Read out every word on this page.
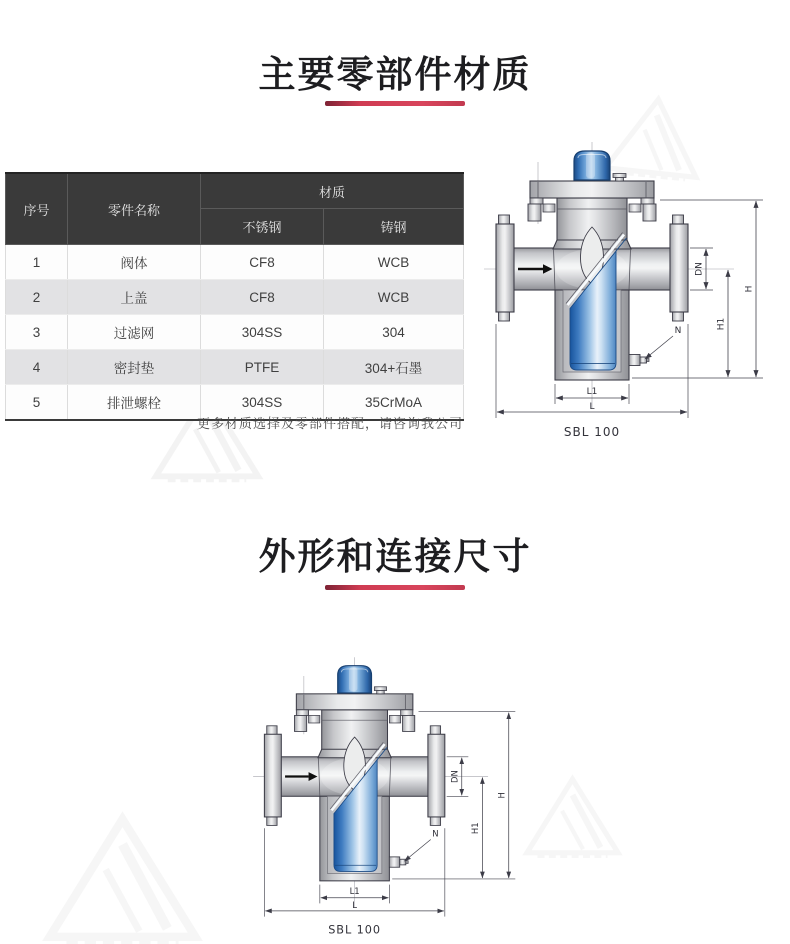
主要零部件材质
序号	零件名称	材质	
		不锈钢	铸钢
1	阀体	CF8	WCB
2	上盖	CF8	WCB
3	过滤网	304SS	304
4	密封垫	PTFE	304+石墨
5	排泄螺栓	304SS	35CrMoA
更多材质选择及零部件搭配，请咨询我公司
DN
H1
H
L1
L
N
SBL 100
外形和连接尺寸
DN
H1
H
L1
L
N
SBL 100
